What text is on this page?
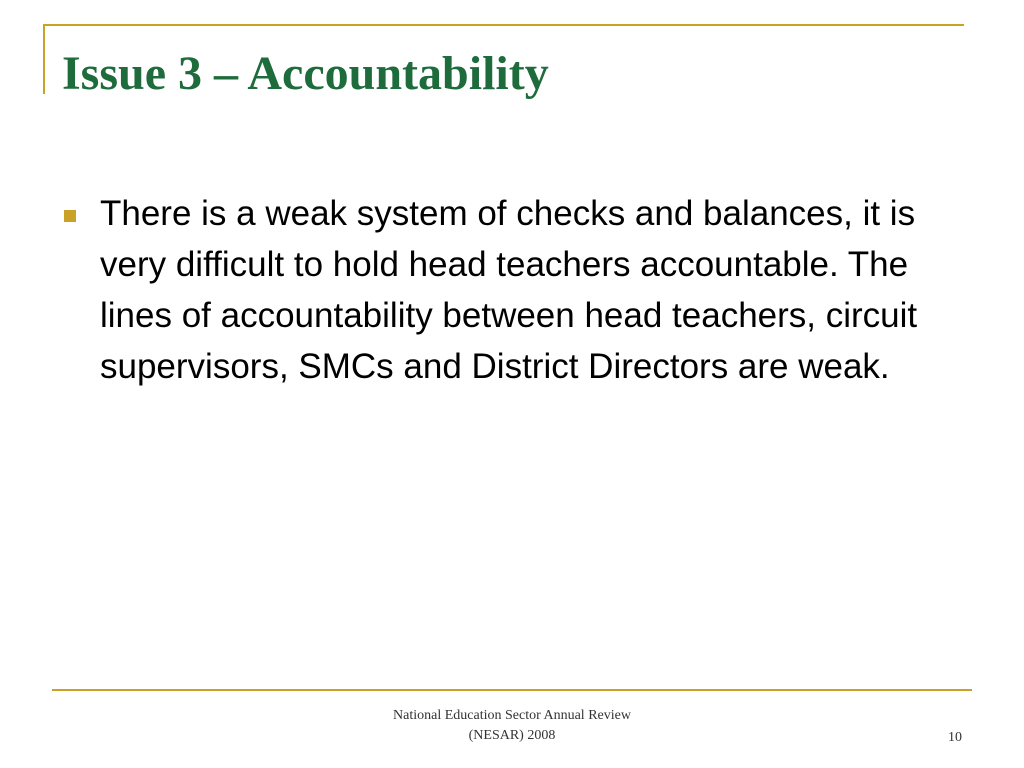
Issue 3 – Accountability
There is a weak system of checks and balances, it is very difficult to hold head teachers accountable. The lines of accountability between head teachers, circuit supervisors, SMCs and District Directors are weak.
National Education Sector Annual Review
(NESAR) 2008	10
